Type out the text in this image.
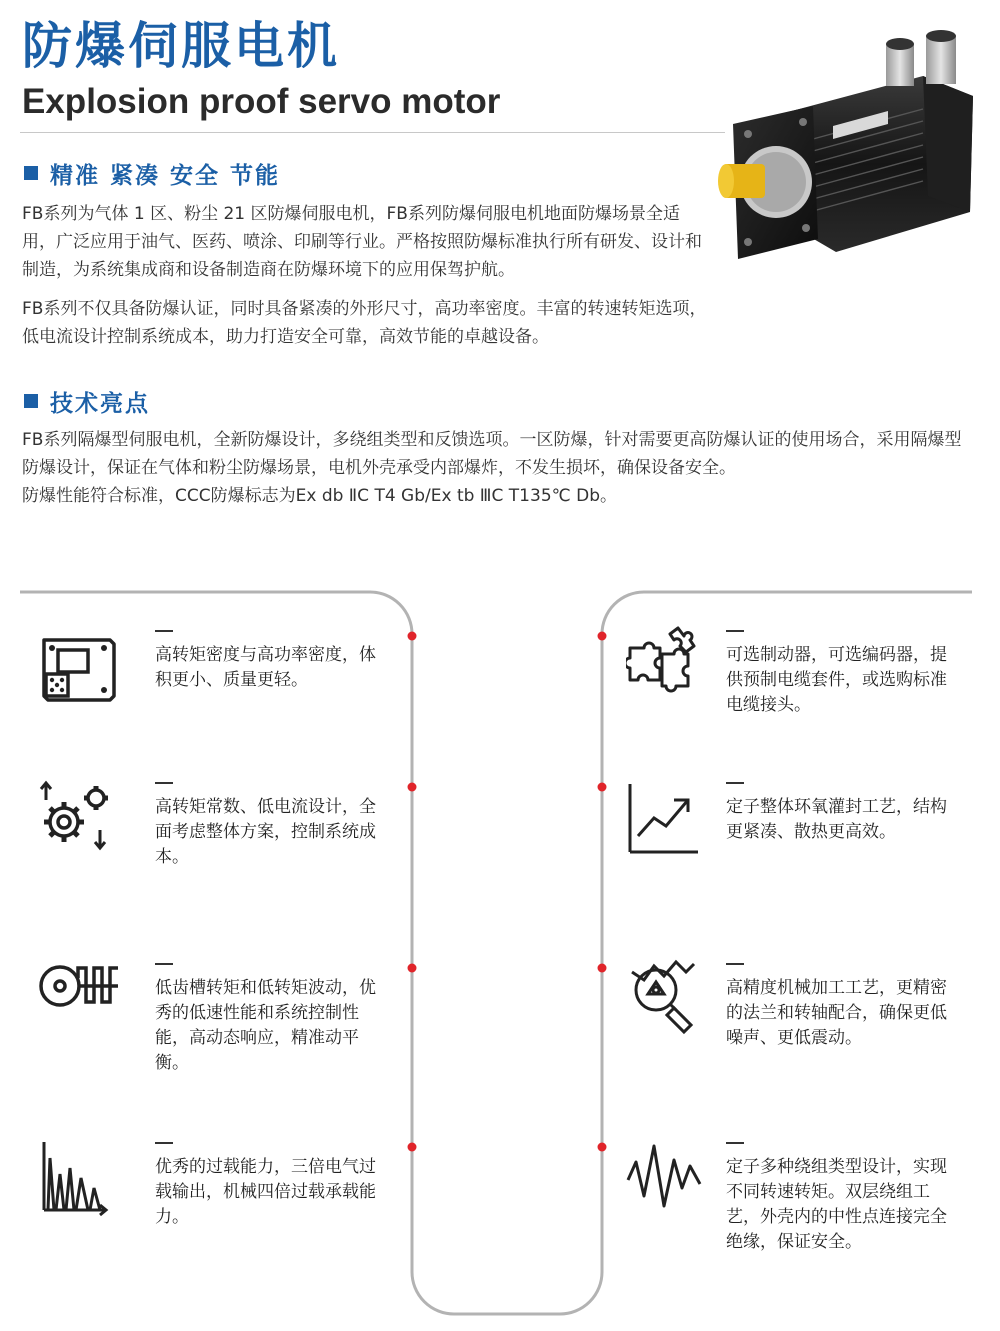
防爆伺服电机
Explosion proof servo motor
精准 紧凑 安全 节能

FB系列为气体 1 区、粉尘 21 区防爆伺服电机，FB系列防爆伺服电机地面防爆场景全适用，广泛应用于油气、医药、喷涂、印刷等行业。严格按照防爆标准执行所有研发、设计和制造，为系统集成商和设备制造商在防爆环境下的应用保驾护航。

FB系列不仅具备防爆认证，同时具备紧凑的外形尺寸，高功率密度。丰富的转速转矩选项，低电流设计控制系统成本，助力打造安全可靠，高效节能的卓越设备。

技术亮点

FB系列隔爆型伺服电机，全新防爆设计，多绕组类型和反馈选项。一区防爆，针对需要更高防爆认证的使用场合，采用隔爆型防爆设计，保证在气体和粉尘防爆场景，电机外壳承受内部爆炸，不发生损坏，确保设备安全。

防爆性能符合标准，CCC防爆标志为Ex db ⅡC T4 Gb/Ex tb ⅢC T135℃ Db。

高转矩密度与高功率密度，体积更小、质量更轻。

高转矩常数、低电流设计，全面考虑整体方案，控制系统成本。

低齿槽转矩和低转矩波动，优秀的低速性能和系统控制性能，高动态响应，精准动平衡。

优秀的过载能力，三倍电气过载输出，机械四倍过载承载能力。

可选制动器，可选编码器，提供预制电缆套件，或选购标准电缆接头。

定子整体环氧灌封工艺，结构更紧凑、散热更高效。

高精度机械加工工艺，更精密的法兰和转轴配合，确保更低噪声、更低震动。

定子多种绕组类型设计，实现不同转速转矩。双层绕组工艺，外壳内的中性点连接完全绝缘，保证安全。
